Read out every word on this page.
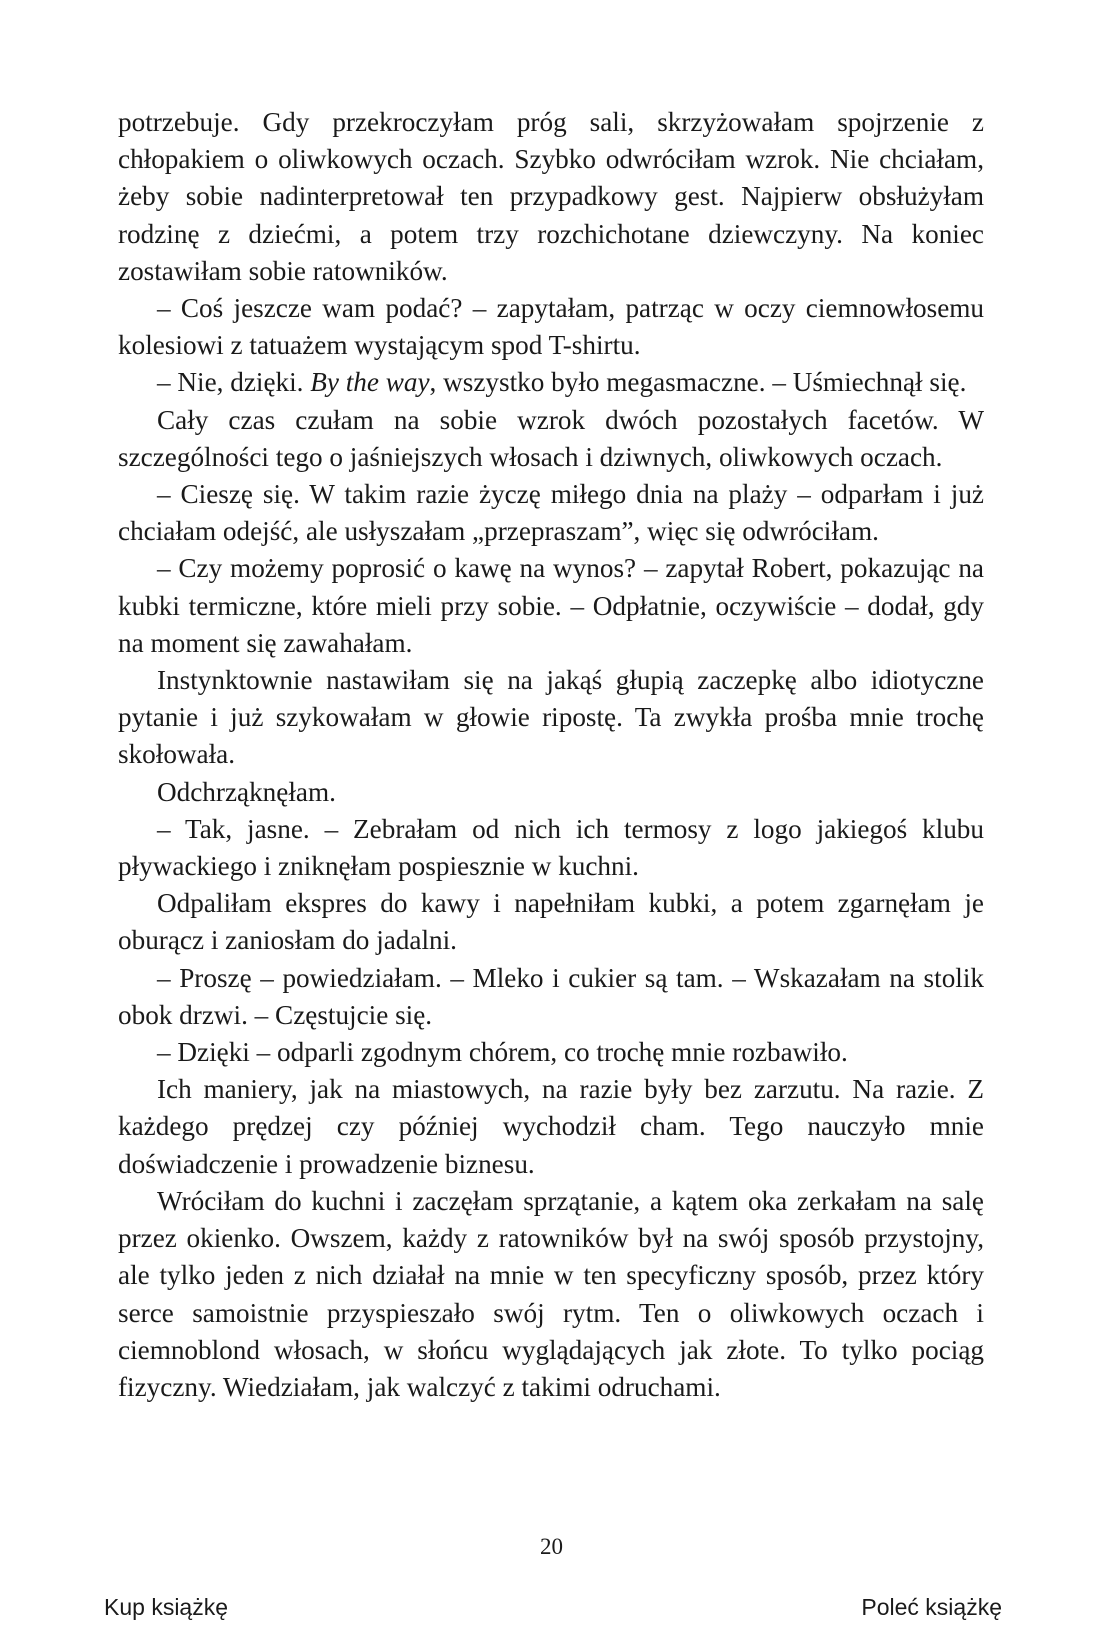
potrzebuje. Gdy przekroczyłam próg sali, skrzyżowałam spojrzenie z chłopakiem o oliwkowych oczach. Szybko odwróciłam wzrok. Nie chciałam, żeby sobie nadinterpretował ten przypadkowy gest. Najpierw obsłużyłam rodzinę z dziećmi, a potem trzy rozchichotane dziewczyny. Na koniec zostawiłam sobie ratowników.

– Coś jeszcze wam podać? – zapytałam, patrząc w oczy ciemnowłosemu kolesiowi z tatuażem wystającym spod T-shirtu.

– Nie, dzięki. By the way, wszystko było megasmaczne. – Uśmiechnął się.

Cały czas czułam na sobie wzrok dwóch pozostałych facetów. W szczególności tego o jaśniejszych włosach i dziwnych, oliwkowych oczach.

– Cieszę się. W takim razie życzę miłego dnia na plaży – odparłam i już chciałam odejść, ale usłyszałam „przepraszam”, więc się odwróciłam.

– Czy możemy poprosić o kawę na wynos? – zapytał Robert, pokazując na kubki termiczne, które mieli przy sobie. – Odpłatnie, oczywiście – dodał, gdy na moment się zawahałam.

Instynktownie nastawiłam się na jakąś głupią zaczepkę albo idiotyczne pytanie i już szykowałam w głowie ripostę. Ta zwykła prośba mnie trochę skołowała.

Odchrząknęłam.

– Tak, jasne. – Zebrałam od nich ich termosy z logo jakiegoś klubu pływackiego i zniknęłam pospiesznie w kuchni.

Odpaliłam ekspres do kawy i napełniłam kubki, a potem zgarnęłam je oburącz i zaniosłam do jadalni.

– Proszę – powiedziałam. – Mleko i cukier są tam. – Wskazałam na stolik obok drzwi. – Częstujcie się.

– Dzięki – odparli zgodnym chórem, co trochę mnie rozbawiło.

Ich maniery, jak na miastowych, na razie były bez zarzutu. Na razie. Z każdego prędzej czy później wychodził cham. Tego nauczyło mnie doświadczenie i prowadzenie biznesu.

Wróciłam do kuchni i zaczęłam sprzątanie, a kątem oka zerkałam na salę przez okienko. Owszem, każdy z ratowników był na swój sposób przystojny, ale tylko jeden z nich działał na mnie w ten specyficzny sposób, przez który serce samoistnie przyspieszało swój rytm. Ten o oliwkowych oczach i ciemnoblond włosach, w słońcu wyglądających jak złote. To tylko pociąg fizyczny. Wiedziałam, jak walczyć z takimi odruchami.

20
Kup książkę	Poleć książkę
